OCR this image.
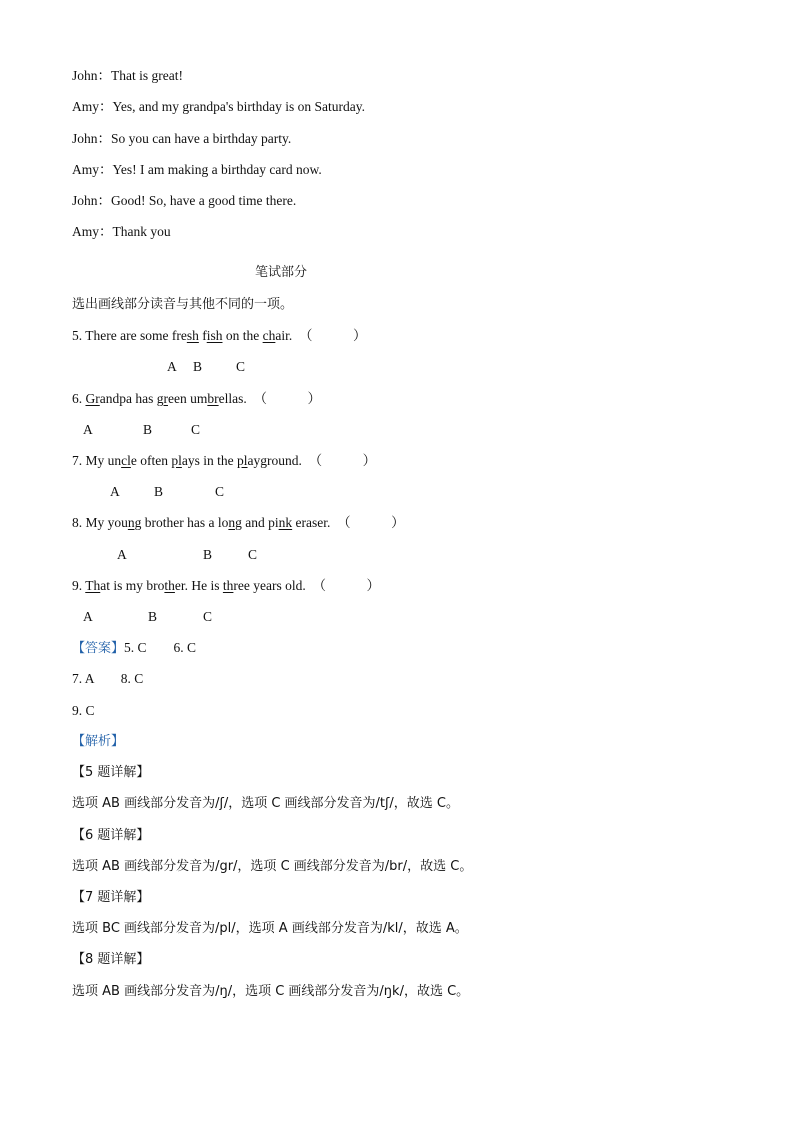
John：That is great!
Amy：Yes, and my grandpa's birthday is on Saturday.
John：So you can have a birthday party.
Amy：Yes! I am making a birthday card now.
John：Good! So, have a good time there.
Amy：Thank you
笔试部分
选出画线部分读音与其他不同的一项。
5. There are some fresh fish on the chair.　（　　　）
A B	C
6. Grandpa has green umbrellas.　（　　　）
A	B	C
7. My uncle often plays in the playground.　（　　　）
A	B	C
8. My young brother has a long and pink eraser.　（　　　）
A	B	C
9. That is my brother. He is three years old.　（　　　）
A	B	C
【答案】5. C　　6. C
7. A　　8. C
9. C
【解析】
【5 题详解】
选项 AB 画线部分发音为/ʃ/，选项 C 画线部分发音为/tʃ/，故选 C。
【6 题详解】
选项 AB 画线部分发音为/gr/，选项 C 画线部分发音为/br/，故选 C。
【7 题详解】
选项 BC 画线部分发音为/pl/，选项 A 画线部分发音为/kl/，故选 A。
【8 题详解】
选项 AB 画线部分发音为/ŋ/，选项 C 画线部分发音为/ŋk/，故选 C。
